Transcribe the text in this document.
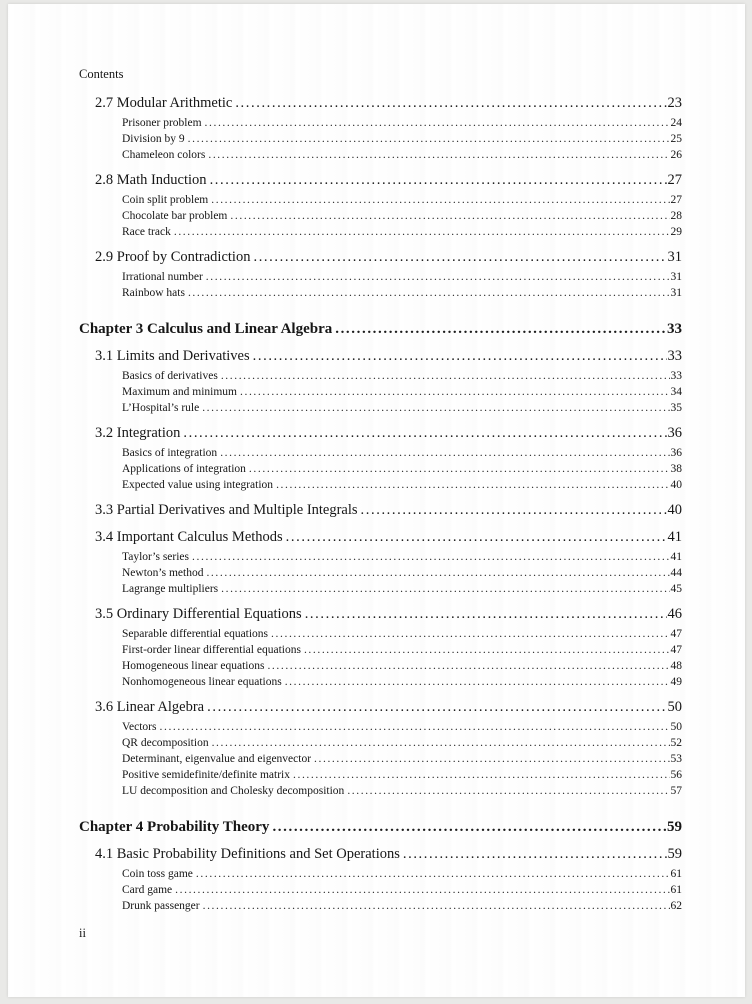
Contents
2.7 Modular Arithmetic .....	23
Prisoner problem .....	24
Division by 9 .....	25
Chameleon colors .....	26
2.8 Math Induction .....	27
Coin split problem .....	27
Chocolate bar problem .....	28
Race track .....	29
2.9 Proof by Contradiction .....	31
Irrational number .....	31
Rainbow hats .....	31
Chapter 3 Calculus and Linear Algebra .....	33
3.1 Limits and Derivatives .....	33
Basics of derivatives .....	33
Maximum and minimum .....	34
L’Hospital’s rule .....	35
3.2 Integration .....	36
Basics of integration .....	36
Applications of integration .....	38
Expected value using integration .....	40
3.3 Partial Derivatives and Multiple Integrals .....	40
3.4 Important Calculus Methods .....	41
Taylor’s series .....	41
Newton’s method .....	44
Lagrange multipliers .....	45
3.5 Ordinary Differential Equations .....	46
Separable differential equations .....	47
First-order linear differential equations .....	47
Homogeneous linear equations .....	48
Nonhomogeneous linear equations .....	49
3.6 Linear Algebra .....	50
Vectors .....	50
QR decomposition .....	52
Determinant, eigenvalue and eigenvector .....	53
Positive semidefinite/definite matrix .....	56
LU decomposition and Cholesky decomposition .....	57
Chapter 4 Probability Theory .....	59
4.1 Basic Probability Definitions and Set Operations .....	59
Coin toss game .....	61
Card game .....	61
Drunk passenger .....	62
ii
